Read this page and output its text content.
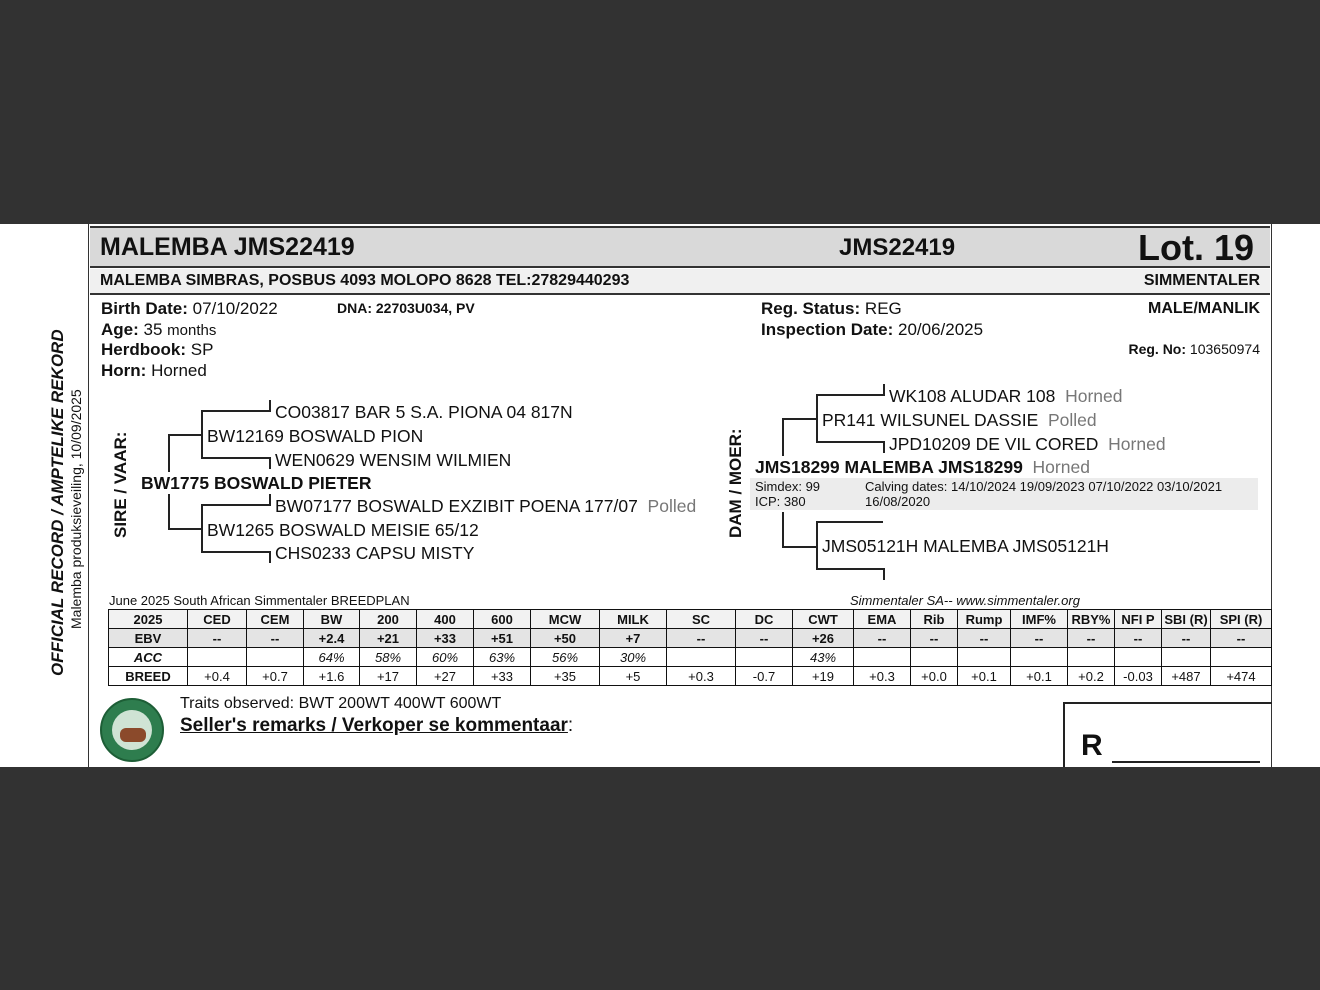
OFFICIAL RECORD / AMPTELIKE REKORD Malemba produksieveiling, 10/09/2025
MALEMBA JMS22419	JMS22419	Lot. 19
MALEMBA SIMBRAS, POSBUS 4093 MOLOPO 8628 TEL:27829440293	SIMMENTALER
Birth Date: 07/10/2022	DNA: 22703U034, PV
Age: 35 months
Herdbook: SP
Horn: Horned
Reg. Status: REG
Inspection Date: 20/06/2025
MALE/MANLIK
Reg. No: 103650974
SIRE / VAAR:
CO03817 BAR 5 S.A. PIONA 04 817N
BW12169 BOSWALD PION
WEN0629 WENSIM WILMIEN
BW1775 BOSWALD PIETER
BW07177 BOSWALD EXZIBIT POENA 177/07 Polled
BW1265 BOSWALD MEISIE 65/12
CHS0233 CAPSU MISTY
DAM / MOER:
WK108 ALUDAR 108 Horned
PR141 WILSUNEL DASSIE Polled
JPD10209 DE VIL CORED Horned
JMS18299 MALEMBA JMS18299 Horned
Simdex: 99
ICP: 380
Calving dates: 14/10/2024 19/09/2023 07/10/2022 03/10/2021
16/08/2020
JMS05121H MALEMBA JMS05121H
June 2025 South African Simmentaler BREEDPLAN	Simmentaler SA-- www.simmentaler.org
2025	CED	CEM	BW	200	400	600	MCW	MILK	SC	DC	CWT	EMA	Rib	Rump	IMF%	RBY%	NFI P	SBI (R)	SPI (R)
EBV	--	--	+2.4	+21	+33	+51	+50	+7	--	--	+26	--	--	--	--	--	--	--	--
ACC			64%	58%	60%	63%	56%	30%			43%								
BREED	+0.4	+0.7	+1.6	+17	+27	+33	+35	+5	+0.3	-0.7	+19	+0.3	+0.0	+0.1	+0.1	+0.2	-0.03	+487	+474
Traits observed: BWT 200WT 400WT 600WT
Seller's remarks / Verkoper se kommentaar:
R
